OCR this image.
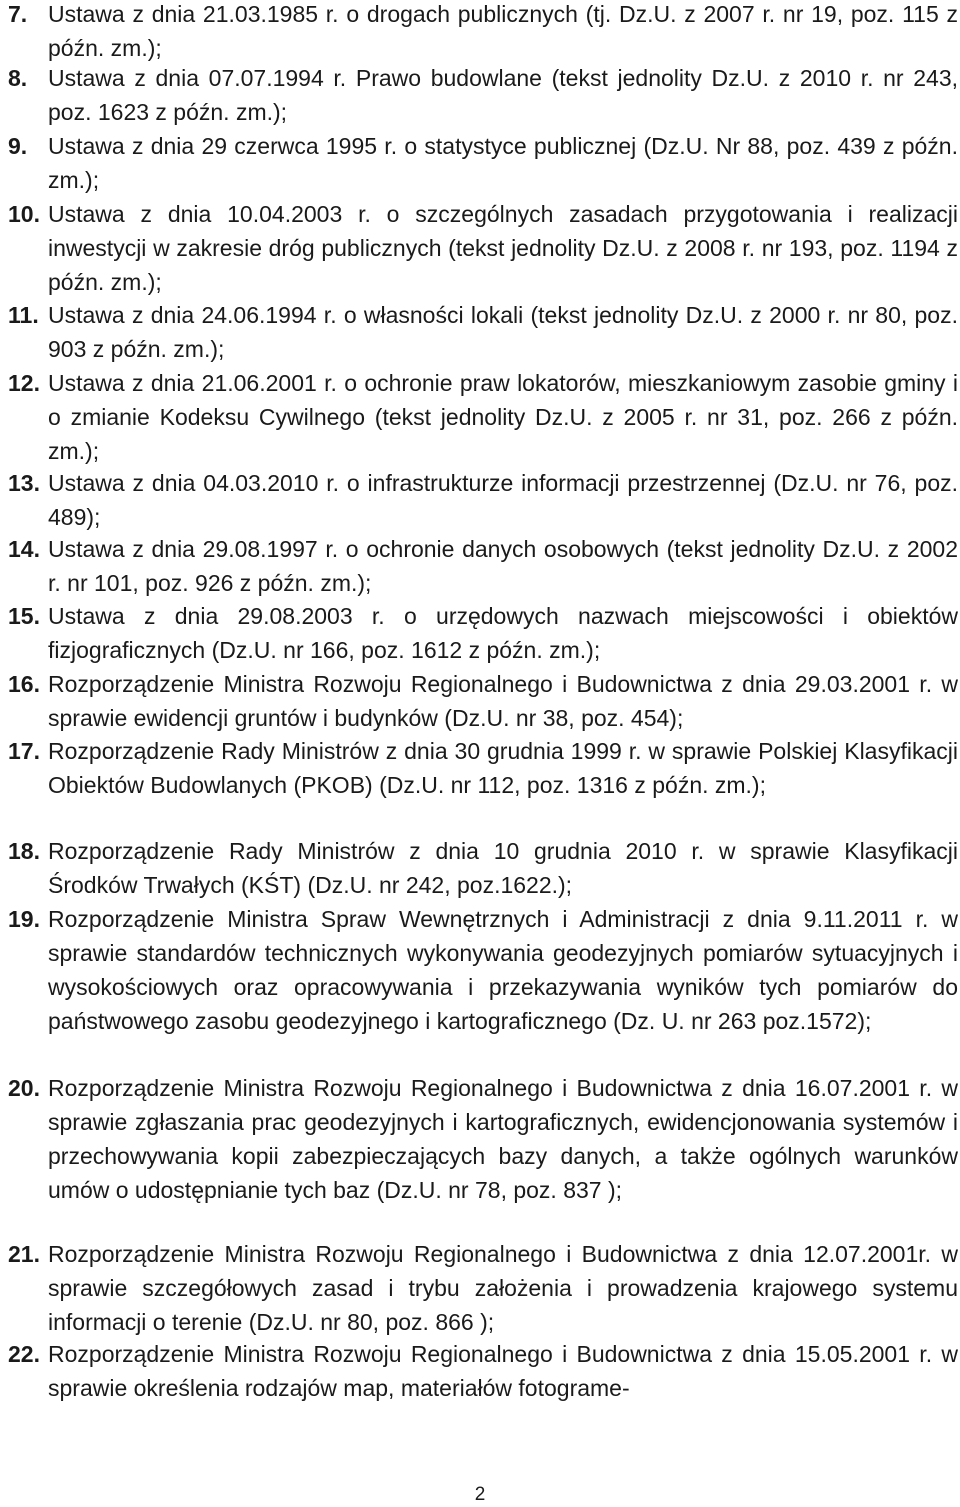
7. Ustawa z dnia 21.03.1985 r. o drogach publicznych (tj. Dz.U. z 2007 r. nr 19, poz. 115 z późn. zm.);
8. Ustawa z dnia 07.07.1994 r. Prawo budowlane (tekst jednolity Dz.U. z 2010 r. nr 243, poz. 1623 z późn. zm.);
9. Ustawa z dnia 29 czerwca 1995 r. o statystyce publicznej (Dz.U. Nr 88, poz. 439 z późn. zm.);
10. Ustawa z dnia 10.04.2003 r. o szczególnych zasadach przygotowania i realizacji inwestycji w zakresie dróg publicznych (tekst jednolity Dz.U. z 2008 r. nr 193, poz. 1194 z późn. zm.);
11. Ustawa z dnia 24.06.1994 r. o własności lokali (tekst jednolity Dz.U. z 2000 r. nr 80, poz. 903 z późn. zm.);
12. Ustawa z dnia 21.06.2001 r. o ochronie praw lokatorów, mieszkaniowym zasobie gminy i o zmianie Kodeksu Cywilnego (tekst jednolity Dz.U. z 2005 r. nr 31, poz. 266 z późn. zm.);
13. Ustawa z dnia 04.03.2010 r. o infrastrukturze informacji przestrzennej (Dz.U. nr 76, poz. 489);
14. Ustawa z dnia 29.08.1997 r. o ochronie danych osobowych (tekst jednolity Dz.U. z 2002 r. nr 101, poz. 926 z późn. zm.);
15. Ustawa z dnia 29.08.2003 r. o urzędowych nazwach miejscowości i obiektów fizjograficznych (Dz.U. nr 166, poz. 1612 z późn. zm.);
16. Rozporządzenie Ministra Rozwoju Regionalnego i Budownictwa z dnia 29.03.2001 r. w sprawie ewidencji gruntów i budynków (Dz.U. nr 38, poz. 454);
17. Rozporządzenie Rady Ministrów z dnia 30 grudnia 1999 r. w sprawie Polskiej Klasyfikacji Obiektów Budowlanych (PKOB) (Dz.U. nr 112, poz. 1316 z późn. zm.);
18. Rozporządzenie Rady Ministrów z dnia 10 grudnia 2010 r. w sprawie Klasyfikacji Środków Trwałych (KŚT) (Dz.U. nr 242, poz.1622.);
19. Rozporządzenie Ministra Spraw Wewnętrznych i Administracji z dnia 9.11.2011 r. w sprawie standardów technicznych wykonywania geodezyjnych pomiarów sytuacyjnych i wysokościowych oraz opracowywania i przekazywania wyników tych pomiarów do państwowego zasobu geodezyjnego i kartograficznego (Dz. U. nr 263 poz.1572);
20. Rozporządzenie Ministra Rozwoju Regionalnego i Budownictwa z dnia 16.07.2001 r. w sprawie zgłaszania prac geodezyjnych i kartograficznych, ewidencjonowania systemów i przechowywania kopii zabezpieczających bazy danych, a także ogólnych warunków umów o udostępnianie tych baz (Dz.U. nr 78, poz. 837 );
21. Rozporządzenie Ministra Rozwoju Regionalnego i Budownictwa z dnia 12.07.2001r. w sprawie szczegółowych zasad i trybu założenia i prowadzenia krajowego systemu informacji o terenie (Dz.U. nr 80, poz. 866 );
22. Rozporządzenie Ministra Rozwoju Regionalnego i Budownictwa z dnia 15.05.2001 r. w sprawie określenia rodzajów map, materiałów fotograme-
2
